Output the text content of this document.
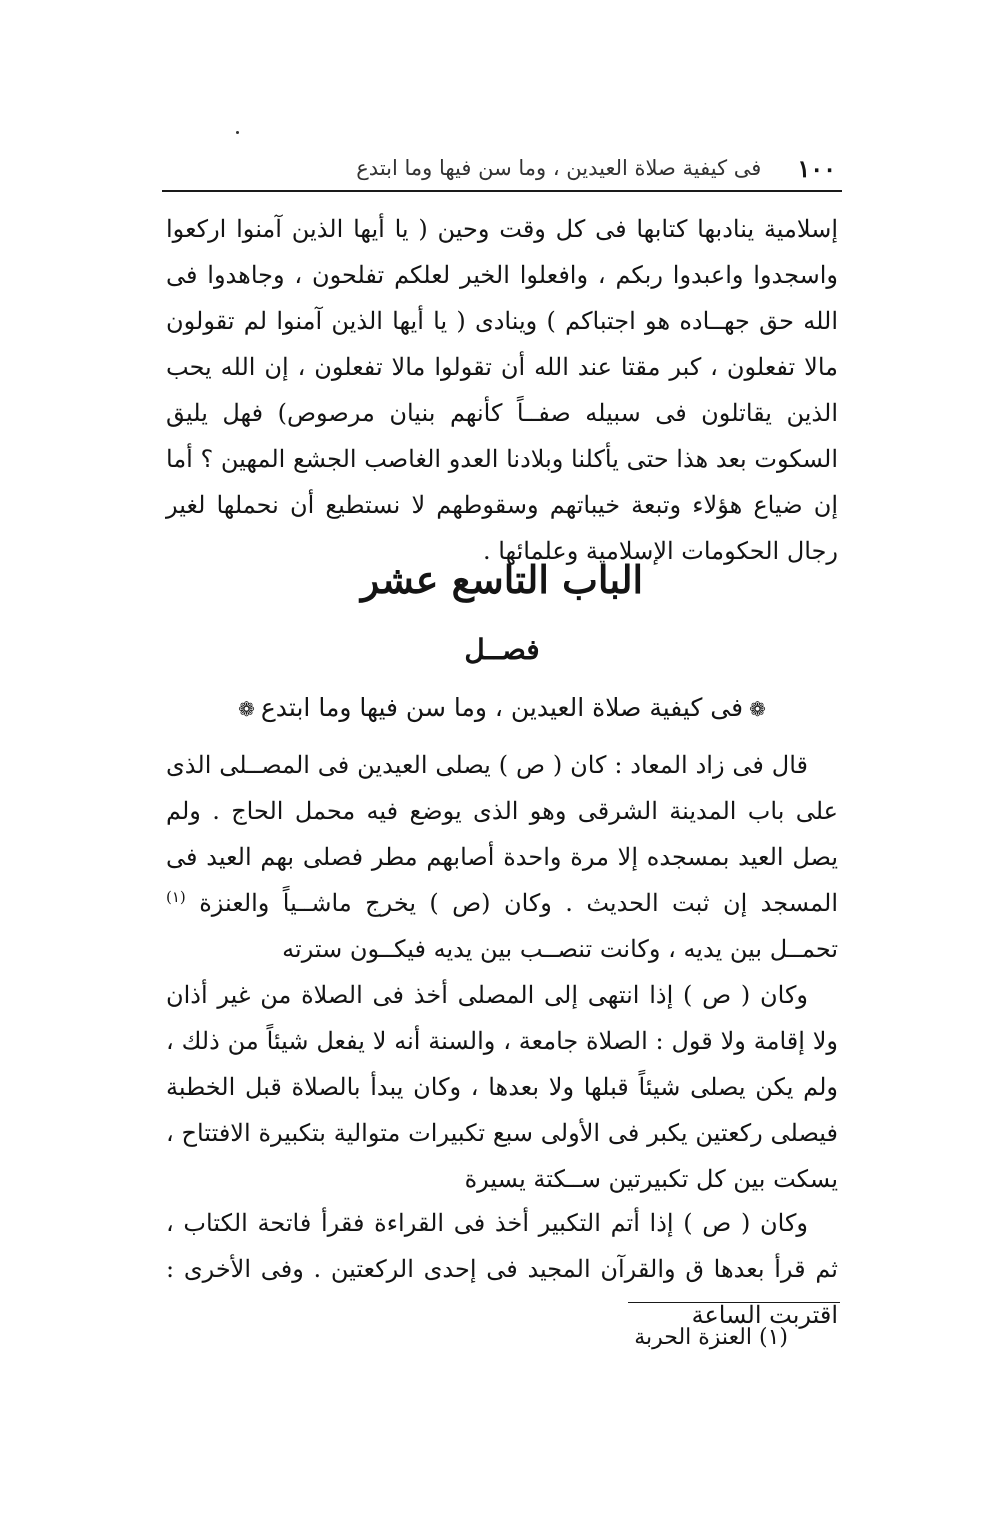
١٠٠
فى كيفية صلاة العيدين ، وما سن فيها وما ابتدع

إسلامية ينادبها كتابها فى كل وقت وحين ( يا أيها الذين آمنوا اركعوا واسجدوا واعبدوا ربكم ، وافعلوا الخير لعلكم تفلحون ، وجاهدوا فى الله حق جهــاده هو اجتباكم ) وينادى ( يا أيها الذين آمنوا لم تقولون مالا تفعلون ، كبر مقتا عند الله أن تقولوا مالا تفعلون ، إن الله يحب الذين يقاتلون فى سبيله صفــاً كأنهم بنيان مرصوص) فهل يليق السكوت بعد هذا حتى يأكلنا وبلادنا العدو الغاصب الجشع المهين ؟ أما إن ضياع هؤلاء وتبعة خيباتهم وسقوطهم لا نستطيع أن نحملها لغير رجال الحكومات الإسلامية وعلمائها .

الباب التاسع عشر
فصــل
❁فى كيفية صلاة العيدين ، وما سن فيها وما ابتدع❁

قال فى زاد المعاد : كان ( ص ) يصلى العيدين فى المصــلى الذى على باب المدينة الشرقى وهو الذى يوضع فيه محمل الحاج . ولم يصل العيد بمسجده إلا مرة واحدة أصابهم مطر فصلى بهم العيد فى المسجد إن ثبت الحديث . وكان (ص ) يخرج ماشــياً والعنزة $^{(١)}$ تحمــل بين يديه ، وكانت تنصــب بين يديه فيكــون سترته

وكان ( ص ) إذا انتهى إلى المصلى أخذ فى الصلاة من غير أذان ولا إقامة ولا قول : الصلاة جامعة ، والسنة أنه لا يفعل شيئاً من ذلك ، ولم يكن يصلى شيئاً قبلها ولا بعدها ، وكان يبدأ بالصلاة قبل الخطبة فيصلى ركعتين يكبر فى الأولى سبع تكبيرات متوالية بتكبيرة الافتتاح ، يسكت بين كل تكبيرتين ســكتة يسيرة

وكان ( ص ) إذا أتم التكبير أخذ فى القراءة فقرأ فاتحة الكتاب ، ثم قرأ بعدها ق والقرآن المجيد فى إحدى الركعتين . وفى الأخرى : اقتربت الساعة

(١) العنزة الحربة
